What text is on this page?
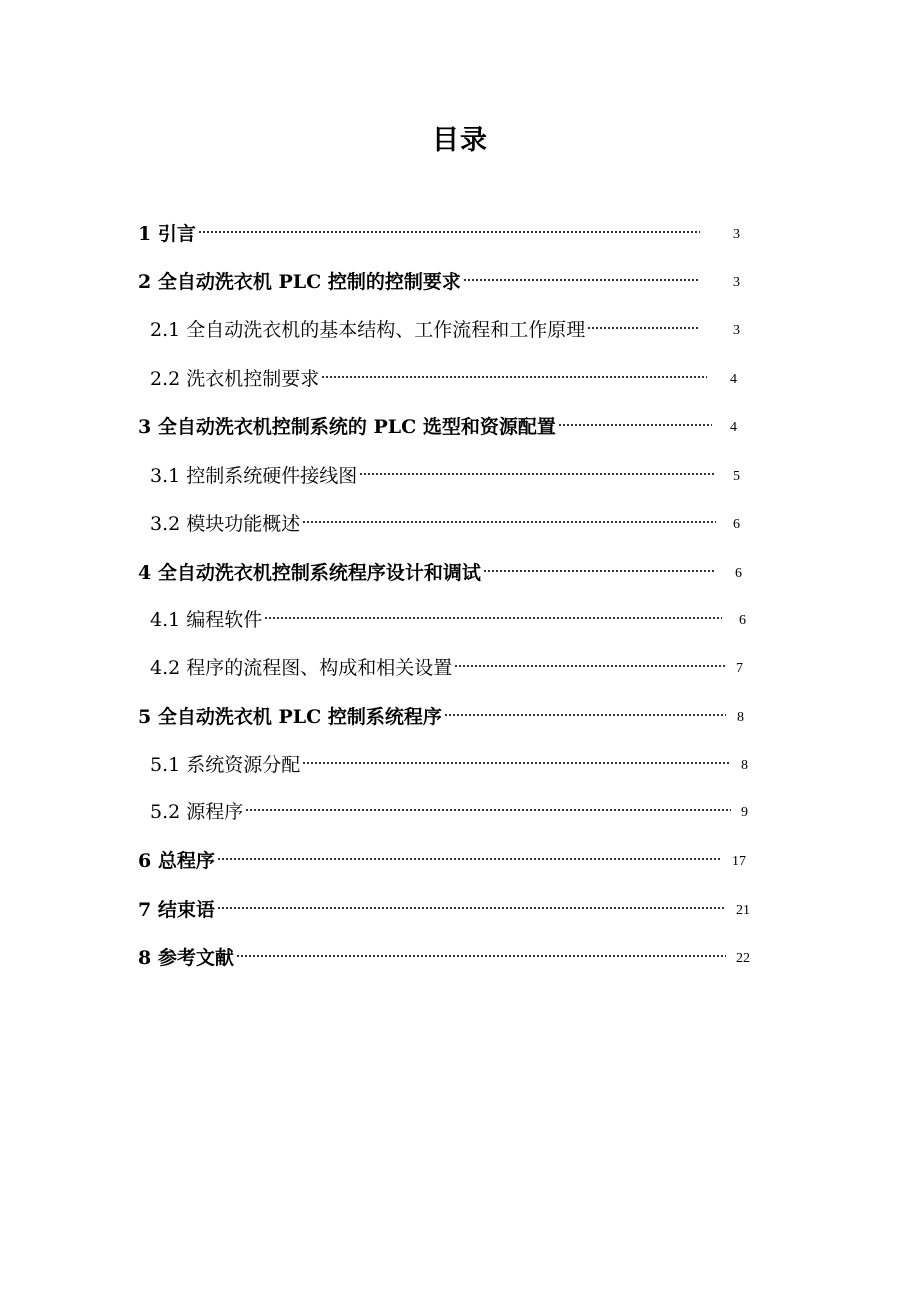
目录
1 引言	3
2 全自动洗衣机 PLC 控制的控制要求	3
2.1 全自动洗衣机的基本结构、工作流程和工作原理	3
2.2 洗衣机控制要求	4
3 全自动洗衣机控制系统的 PLC 选型和资源配置	4
3.1 控制系统硬件接线图	5
3.2 模块功能概述	6
4 全自动洗衣机控制系统程序设计和调试	6
4.1 编程软件	6
4.2 程序的流程图、构成和相关设置	7
5 全自动洗衣机 PLC 控制系统程序	8
5.1 系统资源分配	8
5.2 源程序	9
6 总程序	17
7 结束语	21
8 参考文献	22
